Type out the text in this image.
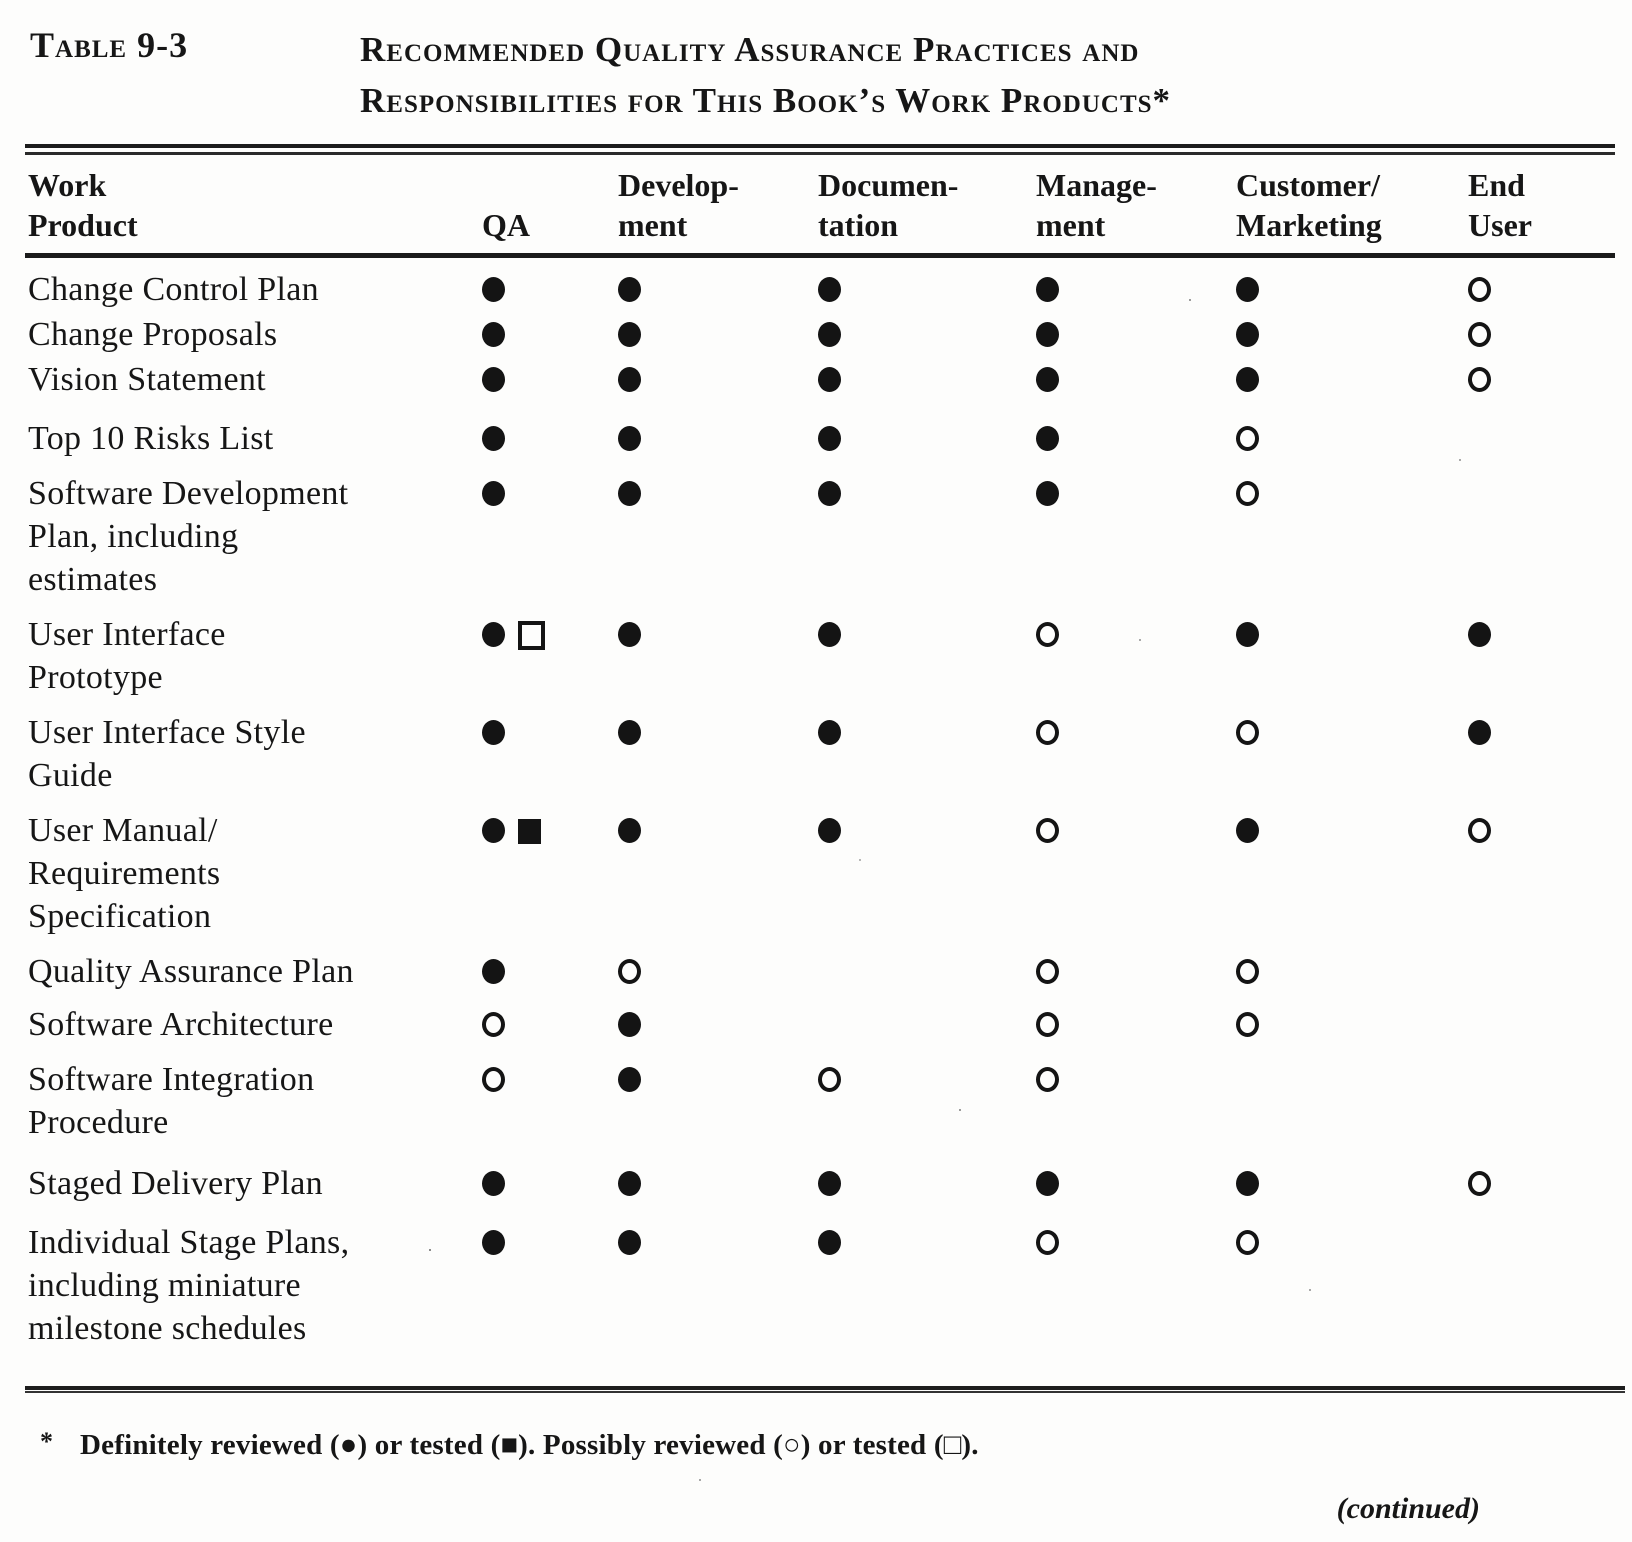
Table 9-3	Recommended Quality Assurance Practices and
Responsibilities for This Book’s Work Products*
Work
Product	QA
Develop-
ment
Documen-
tation
Manage-
ment
Customer/
Marketing
End
User
Change Control Plan
Change Proposals
Vision Statement
Top 10 Risks List
Software Development
Plan, including
estimates
User Interface
Prototype
User Interface Style
Guide
User Manual/
Requirements
Specification
Quality Assurance Plan
Software Architecture
Software Integration
Procedure
Staged Delivery Plan
Individual Stage Plans,
including miniature
milestone schedules
* Definitely reviewed (●) or tested (■). Possibly reviewed (○) or tested (□).
(continued)
